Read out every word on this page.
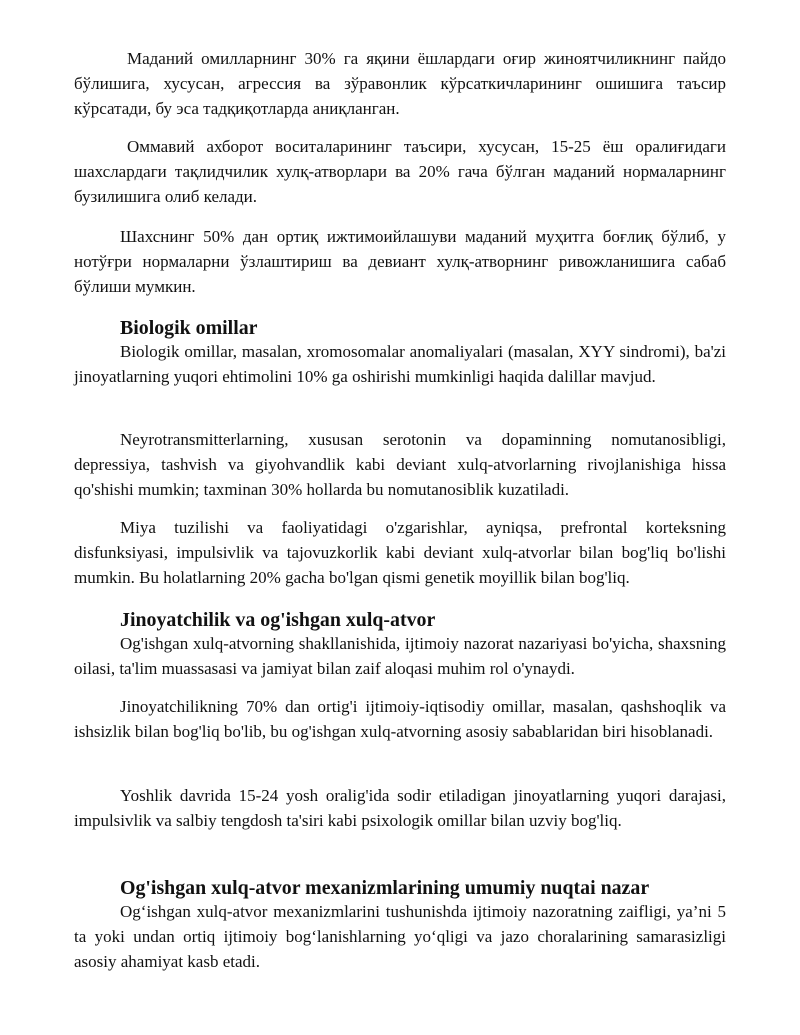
Маданий омилларнинг 30% га яқини ёшлардаги оғир жиноятчиликнинг пайдо бўлишига, хусусан, агрессия ва зўравонлик кўрсаткичларининг ошишига таъсир кўрсатади, бу эса тадқиқотларда аниқланган.

Оммавий ахборот воситаларининг таъсири, хусусан, 15-25 ёш оралиғидаги шахслардаги тақлидчилик хулқ-атворлари ва 20% гача бўлган маданий нормаларнинг бузилишига олиб келади.

Шахснинг 50% дан ортиқ ижтимоийлашуви маданий муҳитга боғлиқ бўлиб, у нотўғри нормаларни ўзлаштириш ва девиант хулқ-атворнинг ривожланишига сабаб бўлиши мумкин.

Biologik omillar

Biologik omillar, masalan, xromosomalar anomaliyalari (masalan, XYY sindromi), ba'zi jinoyatlarning yuqori ehtimolini 10% ga oshirishi mumkinligi haqida dalillar mavjud.

Neyrotransmitterlarning, xususan serotonin va dopaminning nomutanosibligi, depressiya, tashvish va giyohvandlik kabi deviant xulq-atvorlarning rivojlanishiga hissa qo'shishi mumkin; taxminan 30% hollarda bu nomutanosiblik kuzatiladi.

Miya tuzilishi va faoliyatidagi o'zgarishlar, ayniqsa, prefrontal korteksning disfunksiyasi, impulsivlik va tajovuzkorlik kabi deviant xulq-atvorlar bilan bog'liq bo'lishi mumkin. Bu holatlarning 20% gacha bo'lgan qismi genetik moyillik bilan bog'liq.

Jinoyatchilik va og'ishgan xulq-atvor

Og'ishgan xulq-atvorning shakllanishida, ijtimoiy nazorat nazariyasi bo'yicha, shaxsning oilasi, ta'lim muassasasi va jamiyat bilan zaif aloqasi muhim rol o'ynaydi.

Jinoyatchilikning 70% dan ortig'i ijtimoiy-iqtisodiy omillar, masalan, qashshoqlik va ishsizlik bilan bog'liq bo'lib, bu og'ishgan xulq-atvorning asosiy sabablaridan biri hisoblanadi.

Yoshlik davrida 15-24 yosh oralig'ida sodir etiladigan jinoyatlarning yuqori darajasi, impulsivlik va salbiy tengdosh ta'siri kabi psixologik omillar bilan uzviy bog'liq.

Og'ishgan xulq-atvor mexanizmlarining umumiy nuqtai nazar

Og‘ishgan xulq-atvor mexanizmlarini tushunishda ijtimoiy nazoratning zaifligi, ya’ni 5 ta yoki undan ortiq ijtimoiy bog‘lanishlarning yo‘qligi va jazo choralarining samarasizligi asosiy ahamiyat kasb etadi.
